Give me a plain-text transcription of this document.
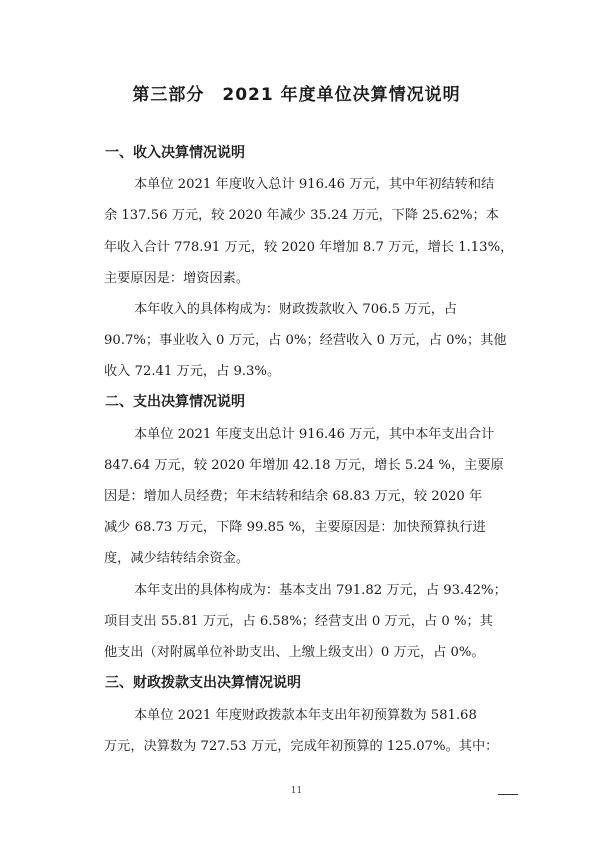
第三部分 2021 年度单位决算情况说明
一、收入决算情况说明
本单位 2021 年度收入总计 916.46 万元，其中年初结转和结
余 137.56 万元，较 2020 年减少 35.24 万元，下降 25.62%；本
年收入合计 778.91 万元，较 2020 年增加 8.7 万元，增长 1.13%，
主要原因是：增资因素。
本年收入的具体构成为：财政拨款收入 706.5 万元，占
90.7%；事业收入 0 万元，占 0%；经营收入 0 万元，占 0%；其他
收入 72.41 万元，占 9.3%。
二、支出决算情况说明
本单位 2021 年度支出总计 916.46 万元，其中本年支出合计
847.64 万元，较 2020 年增加 42.18 万元，增长 5.24 %，主要原
因是：增加人员经费；年末结转和结余 68.83 万元，较 2020 年
减少 68.73 万元，下降 99.85 %，主要原因是：加快预算执行进
度，减少结转结余资金。
本年支出的具体构成为：基本支出 791.82 万元，占 93.42%；
项目支出 55.81 万元，占 6.58%；经营支出 0 万元，占 0 %；其
他支出（对附属单位补助支出、上缴上级支出）0 万元，占 0%。
三、财政拨款支出决算情况说明
本单位 2021 年度财政拨款本年支出年初预算数为 581.68
万元，决算数为 727.53 万元，完成年初预算的 125.07%。其中：
11
